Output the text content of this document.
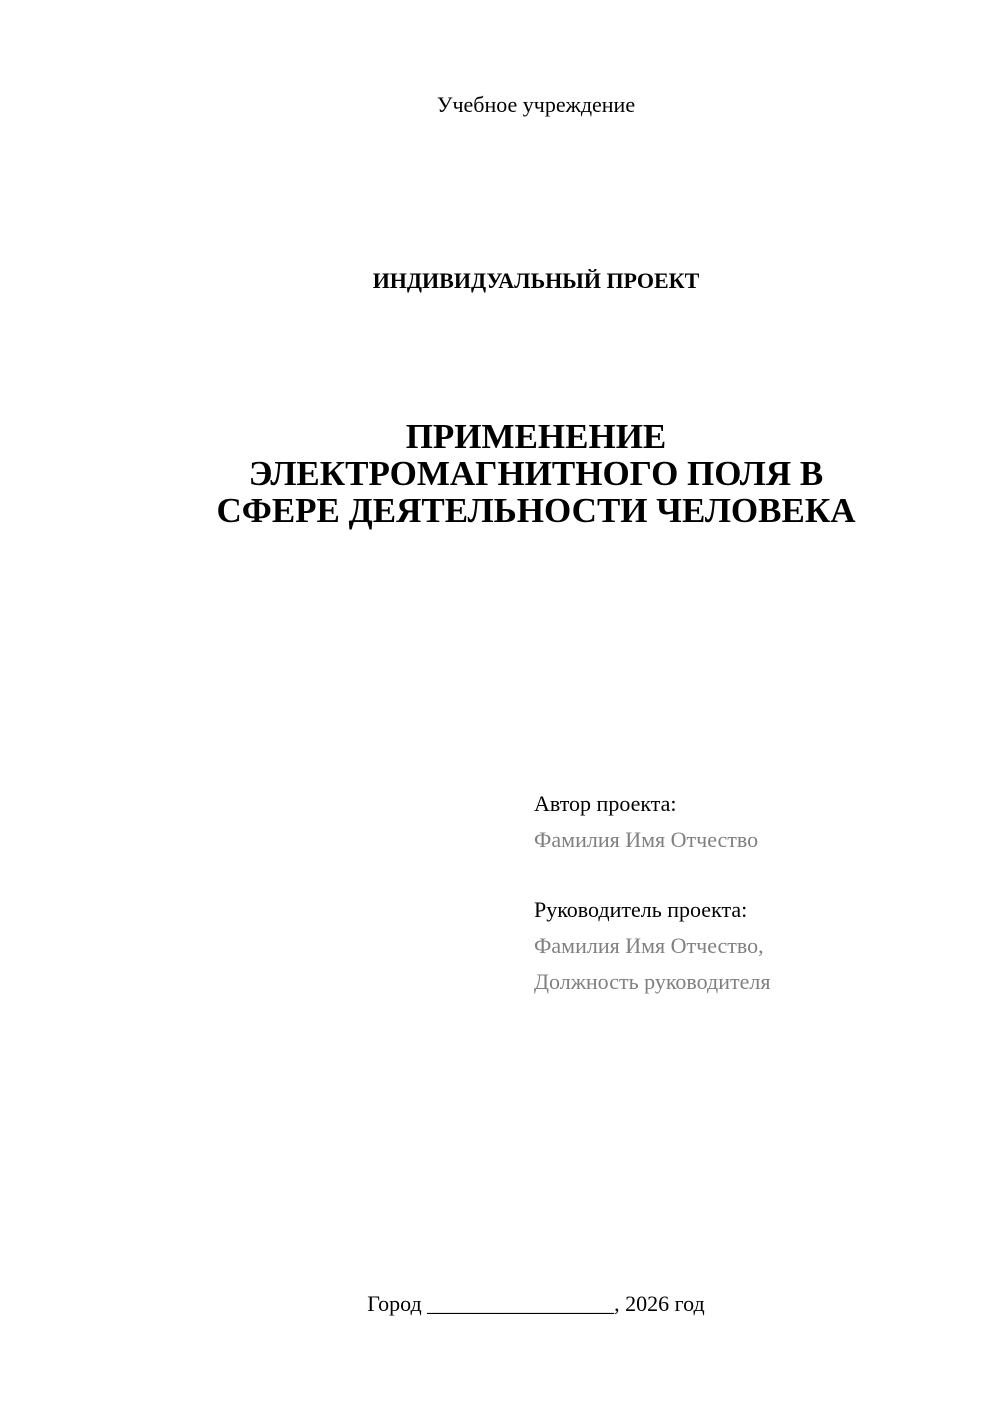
Учебное учреждение
ИНДИВИДУАЛЬНЫЙ ПРОЕКТ
ПРИМЕНЕНИЕ
ЭЛЕКТРОМАГНИТНОГО ПОЛЯ В
СФЕРЕ ДЕЯТЕЛЬНОСТИ ЧЕЛОВЕКА
Автор проекта:
Фамилия Имя Отчество
Руководитель проекта:
Фамилия Имя Отчество,
Должность руководителя
Город _________________, 2026 год
